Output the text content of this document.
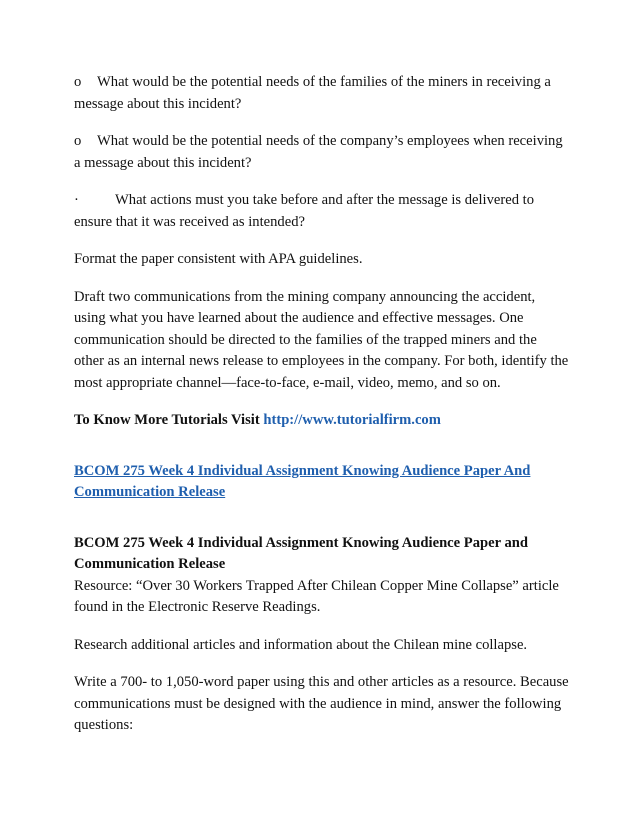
o What would be the potential needs of the families of the miners in receiving a message about this incident?

o What would be the potential needs of the company’s employees when receiving a message about this incident?

· What actions must you take before and after the message is delivered to ensure that it was received as intended?

Format the paper consistent with APA guidelines.

Draft two communications from the mining company announcing the accident, using what you have learned about the audience and effective messages. One communication should be directed to the families of the trapped miners and the other as an internal news release to employees in the company. For both, identify the most appropriate channel—face-to-face, e-mail, video, memo, and so on.

To Know More Tutorials Visit http://www.tutorialfirm.com

BCOM 275 Week 4 Individual Assignment Knowing Audience Paper And Communication Release

BCOM 275 Week 4 Individual Assignment Knowing Audience Paper and Communication Release

Resource: “Over 30 Workers Trapped After Chilean Copper Mine Collapse” article found in the Electronic Reserve Readings.

Research additional articles and information about the Chilean mine collapse.

Write a 700- to 1,050-word paper using this and other articles as a resource. Because communications must be designed with the audience in mind, answer the following questions:
